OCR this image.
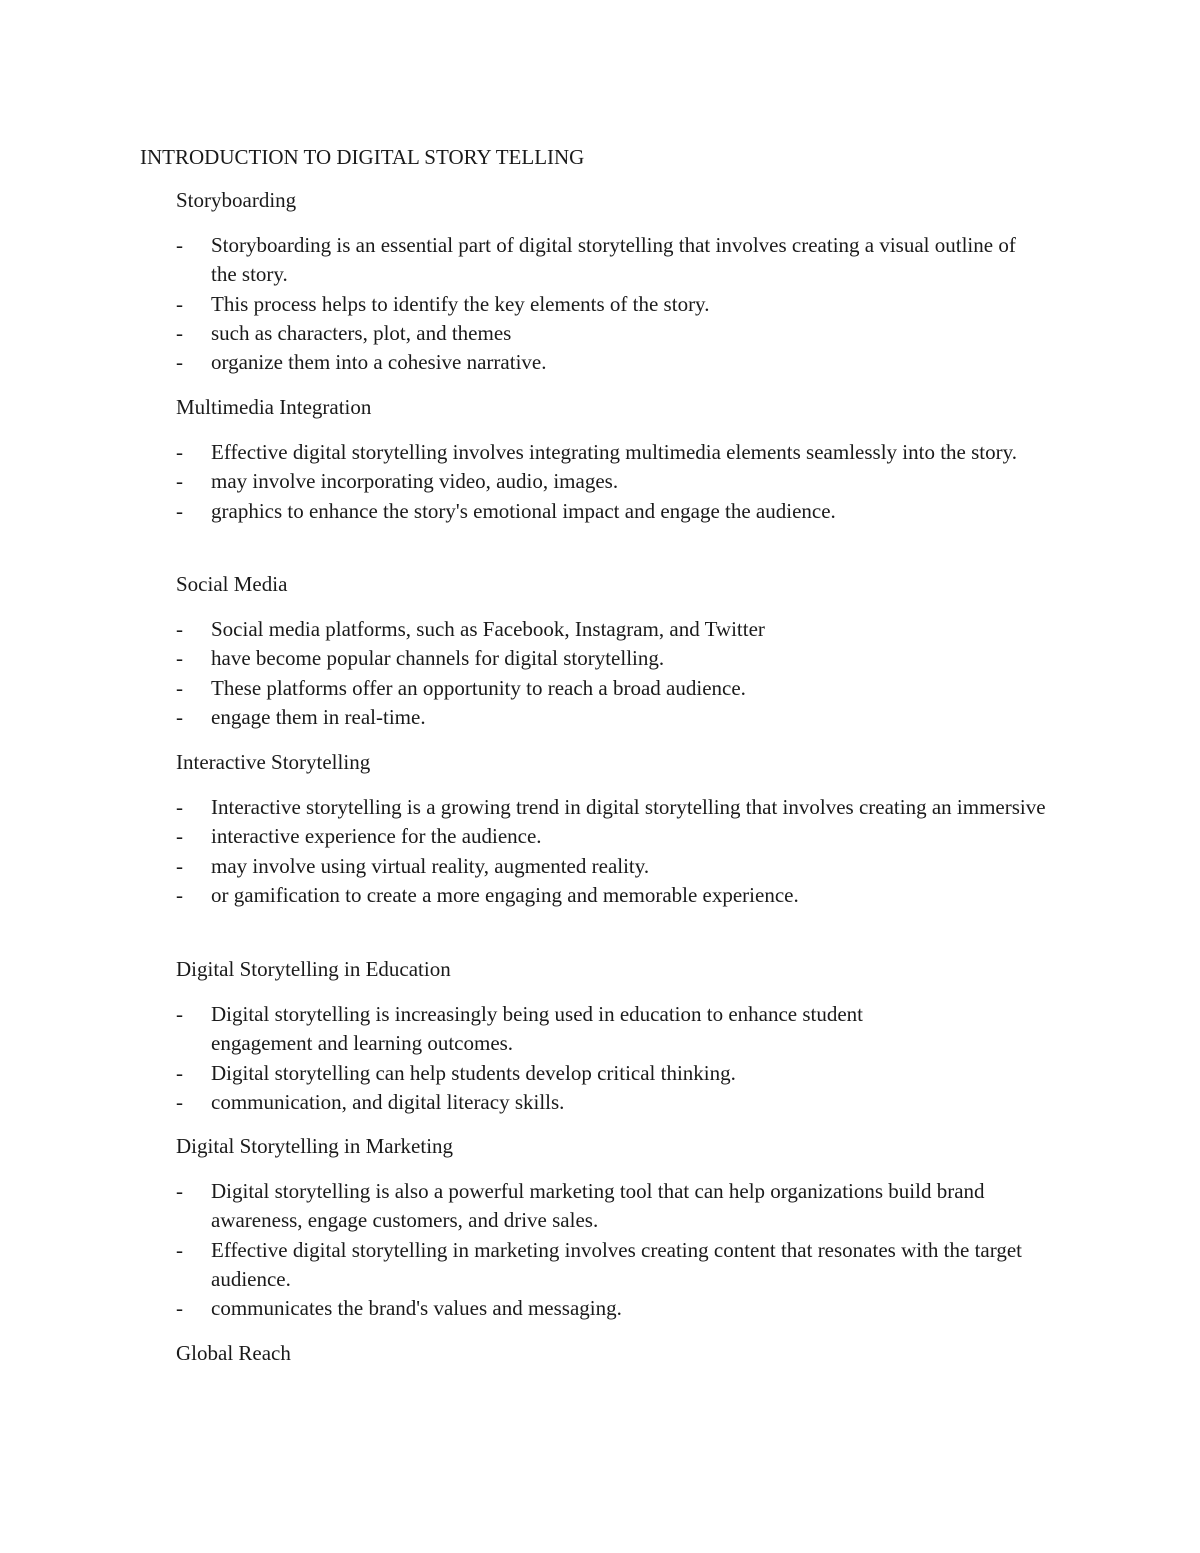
INTRODUCTION TO DIGITAL STORY TELLING
Storyboarding
- Storyboarding is an essential part of digital storytelling that involves creating a visual outline of the story.
- This process helps to identify the key elements of the story.
- such as characters, plot, and themes
- organize them into a cohesive narrative.
Multimedia Integration
- Effective digital storytelling involves integrating multimedia elements seamlessly into the story.
- may involve incorporating video, audio, images.
- graphics to enhance the story's emotional impact and engage the audience.
Social Media
- Social media platforms, such as Facebook, Instagram, and Twitter
- have become popular channels for digital storytelling.
- These platforms offer an opportunity to reach a broad audience.
- engage them in real-time.
Interactive Storytelling
- Interactive storytelling is a growing trend in digital storytelling that involves creating an immersive
- interactive experience for the audience.
- may involve using virtual reality, augmented reality.
- or gamification to create a more engaging and memorable experience.
Digital Storytelling in Education
- Digital storytelling is increasingly being used in education to enhance student engagement and learning outcomes.
- Digital storytelling can help students develop critical thinking.
- communication, and digital literacy skills.
Digital Storytelling in Marketing
- Digital storytelling is also a powerful marketing tool that can help organizations build brand awareness, engage customers, and drive sales.
- Effective digital storytelling in marketing involves creating content that resonates with the target audience.
- communicates the brand's values and messaging.
Global Reach
